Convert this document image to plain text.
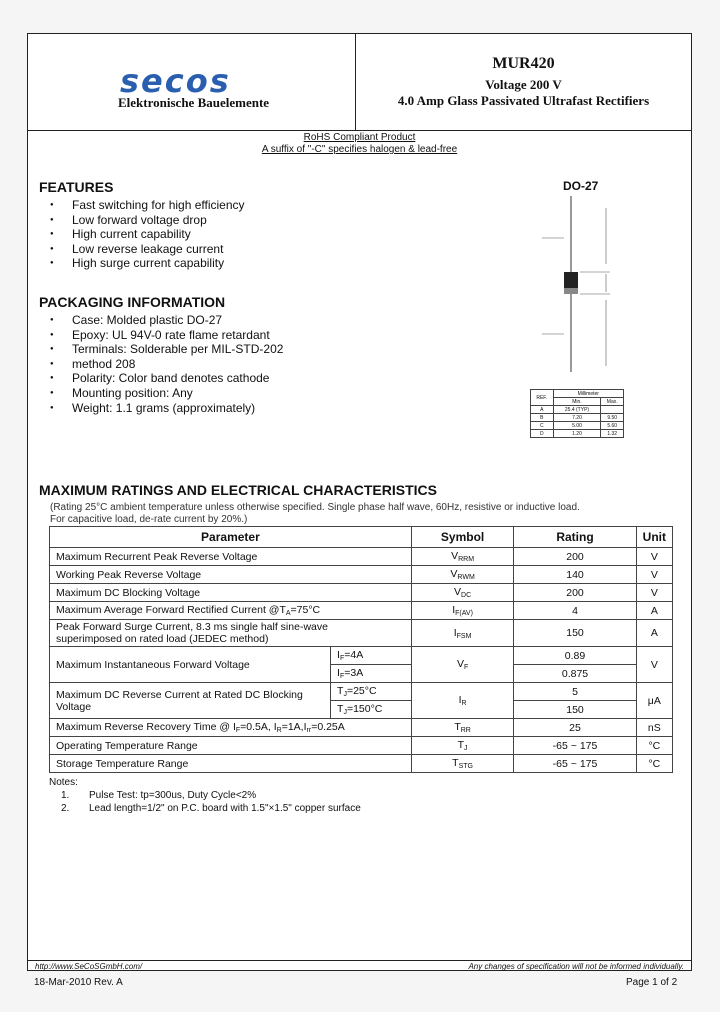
secos
Elektronische Bauelemente
MUR420
Voltage 200 V
4.0 Amp Glass Passivated Ultrafast Rectifiers
RoHS Compliant Product
A suffix of "-C" specifies halogen & lead-free
FEATURES
● Fast switching for high efficiency
● Low forward voltage drop
● High current capability
● Low reverse leakage current
● High surge current capability
PACKAGING INFORMATION
● Case: Molded plastic DO-27
● Epoxy: UL 94V-0 rate flame retardant
● Terminals: Solderable per MIL-STD-202
● method 208
● Polarity: Color band denotes cathode
● Mounting position: Any
● Weight: 1.1 grams (approximately)
DO-27
REF.	Millimeter	
	Min.	Max.
A	25.4 (TYP)	
B	7.20	9.50
C	5.00	5.60
D	1.20	1.32
MAXIMUM RATINGS AND ELECTRICAL CHARACTERISTICS
(Rating 25°C ambient temperature unless otherwise specified. Single phase half wave, 60Hz, resistive or inductive load.
For capacitive load, de-rate current by 20%.)
Parameter		Symbol	Rating	Unit
Maximum Recurrent Peak Reverse Voltage		$V_{RRM}$	200	V
Working Peak Reverse Voltage		$V_{RWM}$	140	V
Maximum DC Blocking Voltage		$V_{DC}$	200	V
Maximum Average Forward Rectified Current $@T_A=75^\circ C$		$I_{F(AV)}$	4	A

Peak Forward Surge Current, 8.3 ms single half sine-wave
superimposed on rated load (JEDEC method)		$I_{FSM}$	150	A
Maximum Instantaneous Forward Voltage	$I_F=4A$	$V_F$	0.89	V
	$I_F=3A$		0.875	

Maximum DC Reverse Current at Rated DC Blocking
Voltage	$T_J=25^\circ C$	$I_R$	5	μA
	$T_J=150^\circ C$		150	
Maximum Reverse Recovery Time @ $I_F=0.5A$, $I_R=1A,I_{rr}=0.25A$		$T_{RR}$	25	nS
Operating Temperature Range		$T_J$	-65 ~ 175	°C
Storage Temperature Range		$T_{STG}$	-65 ~ 175	°C
Notes:
1. Pulse Test: tp=300us, Duty Cycle<2%
2. Lead length=1/2" on P.C. board with 1.5"×1.5" copper surface
http://www.SeCoSGmbH.com/	Any changes of specification will not be informed individually.
18-Mar-2010 Rev. A	Page 1 of 2
